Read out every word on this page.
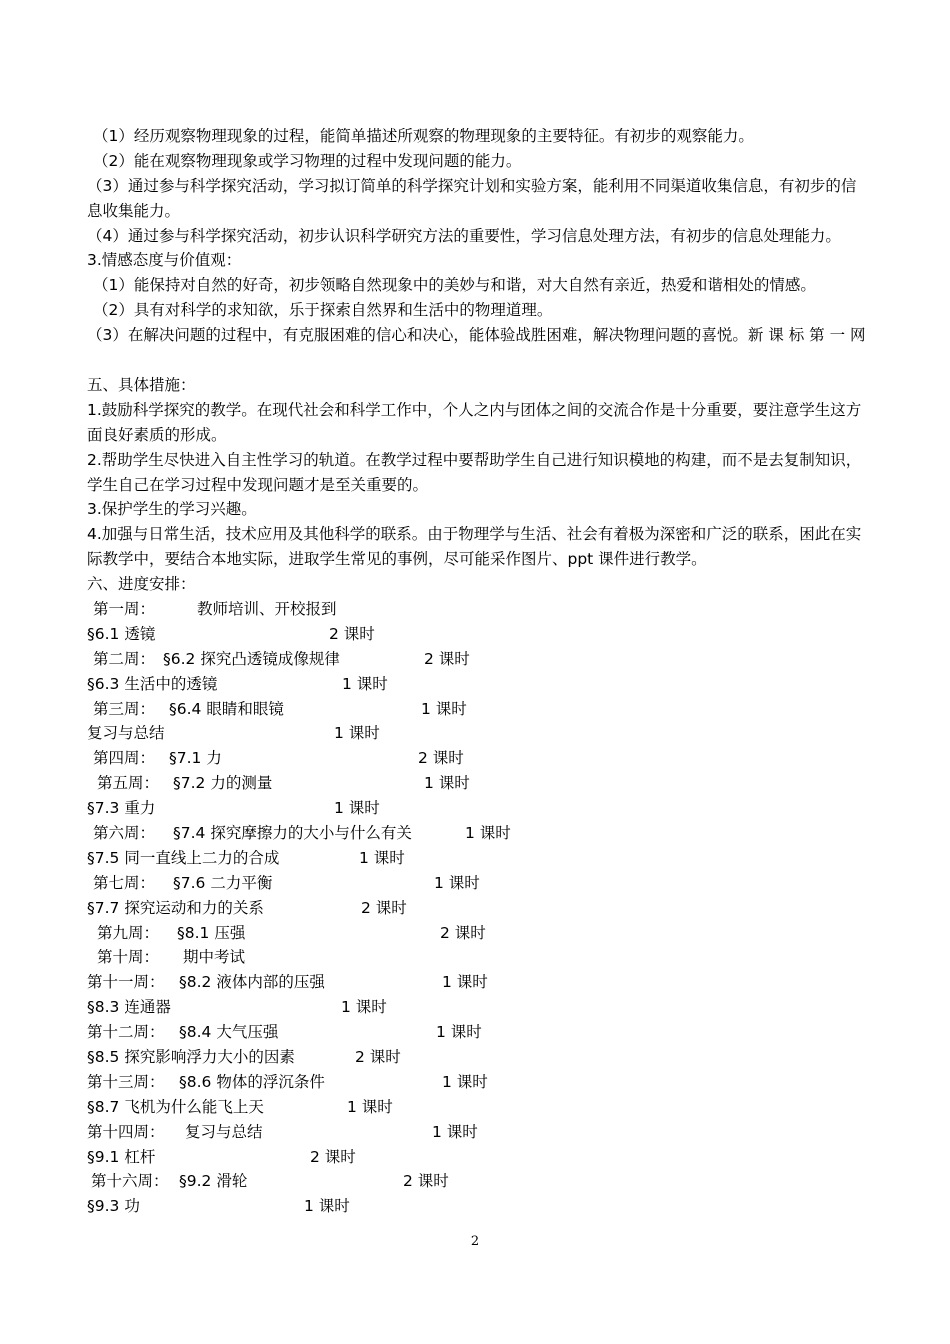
（1）经历观察物理现象的过程，能简单描述所观察的物理现象的主要特征。有初步的观察能力。
（2）能在观察物理现象或学习物理的过程中发现问题的能力。
（3）通过参与科学探究活动，学习拟订简单的科学探究计划和实验方案，能利用不同渠道收集信息，有初步的信息收集能力。
（4）通过参与科学探究活动，初步认识科学研究方法的重要性，学习信息处理方法，有初步的信息处理能力。
3.情感态度与价值观：
（1）能保持对自然的好奇，初步领略自然现象中的美妙与和谐，对大自然有亲近，热爱和谐相处的情感。
（2）具有对科学的求知欲，乐于探索自然界和生活中的物理道理。
（3）在解决问题的过程中，有克服困难的信心和决心，能体验战胜困难，解决物理问题的喜悦。新 课 标 第 一 网
五、具体措施：
1.鼓励科学探究的教学。在现代社会和科学工作中，个人之内与团体之间的交流合作是十分重要，要注意学生这方面良好素质的形成。
2.帮助学生尽快进入自主性学习的轨道。在教学过程中要帮助学生自己进行知识模地的构建，而不是去复制知识，学生自己在学习过程中发现问题才是至关重要的。
3.保护学生的学习兴趣。
4.加强与日常生活，技术应用及其他科学的联系。由于物理学与生活、社会有着极为深密和广泛的联系，困此在实际教学中，要结合本地实际，进取学生常见的事例，尽可能采作图片、ppt 课件进行教学。
六、进度安排：
第一周：	教师培训、开校报到
§6.1 透镜	2 课时
第二周： §6.2 探究凸透镜成像规律	2 课时
§6.3 生活中的透镜	1 课时
第三周： §6.4 眼睛和眼镜	1 课时
复习与总结	1 课时
第四周： §7.1 力	2 课时
第五周： §7.2 力的测量	1 课时
§7.3 重力	1 课时
第六周： §7.4 探究摩擦力的大小与什么有关	1 课时
§7.5 同一直线上二力的合成	1 课时
第七周： §7.6 二力平衡	1 课时
§7.7 探究运动和力的关系	2 课时
第九周： §8.1 压强	2 课时
第十周： 期中考试
第十一周： §8.2 液体内部的压强	1 课时
§8.3 连通器	1 课时
第十二周： §8.4 大气压强	1 课时
§8.5 探究影响浮力大小的因素	2 课时
第十三周： §8.6 物体的浮沉条件	1 课时
§8.7 飞机为什么能飞上天	1 课时
第十四周： 复习与总结	1 课时
§9.1 杠杆	2 课时
第十六周： §9.2 滑轮	2 课时
§9.3 功	1 课时
2
